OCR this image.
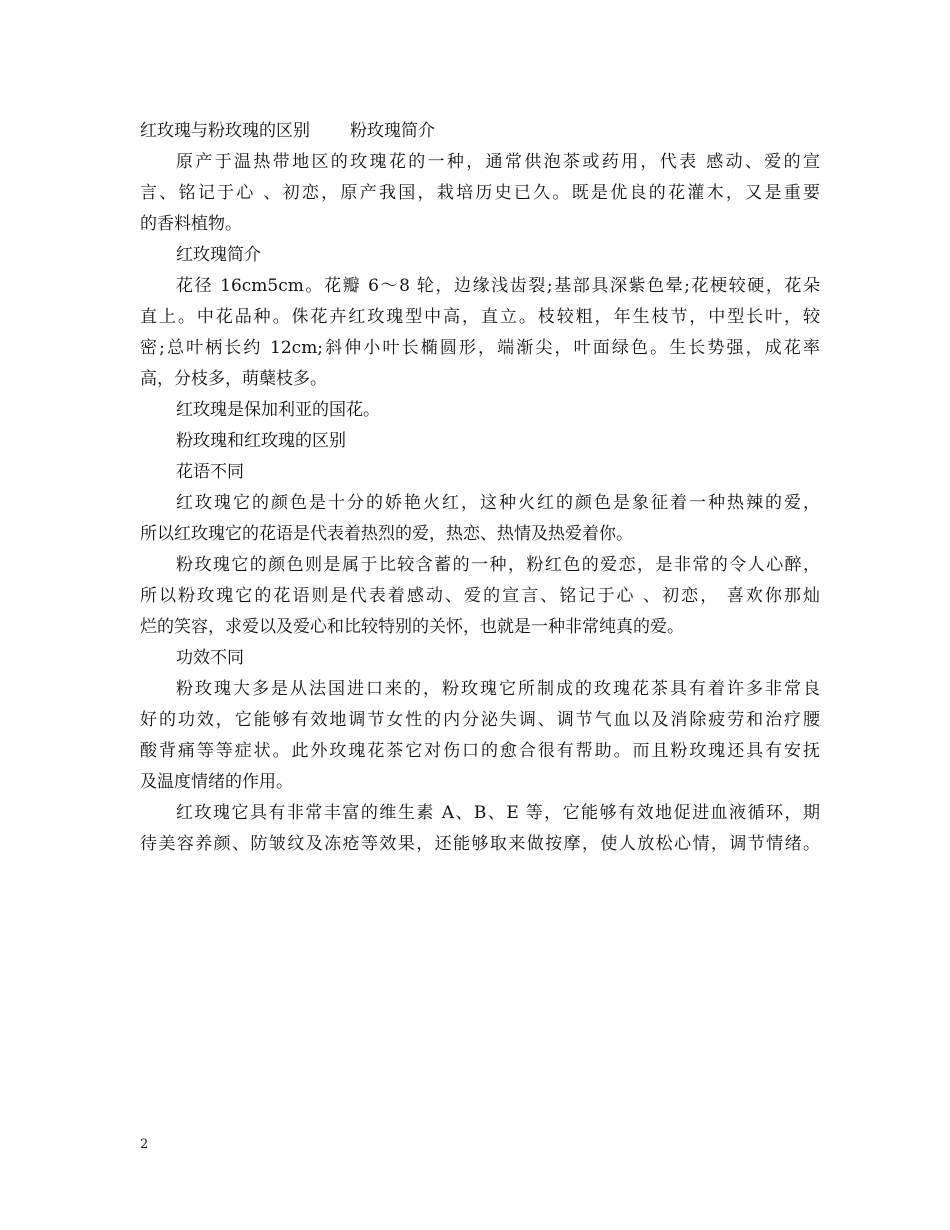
红玫瑰与粉玫瑰的区别 粉玫瑰简介
原产于温热带地区的玫瑰花的一种，通常供泡茶或药用，代表 感动、爱的宣
言、铭记于心 、初恋，原产我国，栽培历史已久。既是优良的花灌木，又是重要
的香料植物。
红玫瑰简介
花径 16cm5cm。花瓣 6～8 轮，边缘浅齿裂;基部具深紫色晕;花梗较硬，花朵
直上。中花品种。侏花卉红玫瑰型中高，直立。枝较粗，年生枝节，中型长叶，较
密;总叶柄长约 12cm;斜伸小叶长椭圆形，端渐尖，叶面绿色。生长势强，成花率
高，分枝多，萌蘖枝多。
红玫瑰是保加利亚的国花。
粉玫瑰和红玫瑰的区别
花语不同
红玫瑰它的颜色是十分的娇艳火红，这种火红的颜色是象征着一种热辣的爱，
所以红玫瑰它的花语是代表着热烈的爱，热恋、热情及热爱着你。
粉玫瑰它的颜色则是属于比较含蓄的一种，粉红色的爱恋，是非常的令人心醉，
所以粉玫瑰它的花语则是代表着感动、爱的宣言、铭记于心 、初恋， 喜欢你那灿
烂的笑容，求爱以及爱心和比较特别的关怀，也就是一种非常纯真的爱。
功效不同
粉玫瑰大多是从法国进口来的，粉玫瑰它所制成的玫瑰花茶具有着许多非常良
好的功效，它能够有效地调节女性的内分泌失调、调节气血以及消除疲劳和治疗腰
酸背痛等等症状。此外玫瑰花茶它对伤口的愈合很有帮助。而且粉玫瑰还具有安抚
及温度情绪的作用。
红玫瑰它具有非常丰富的维生素 A、B、E 等，它能够有效地促进血液循环，期
待美容养颜、防皱纹及冻疮等效果，还能够取来做按摩，使人放松心情，调节情绪。
2
